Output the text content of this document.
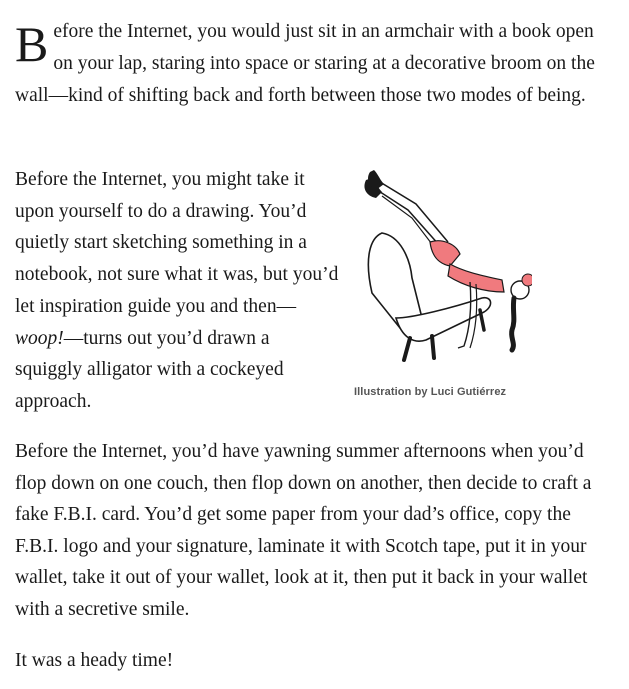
Before the Internet, you would just sit in an armchair with a book open on your lap, staring into space or staring at a decorative broom on the wall—kind of shifting back and forth between those two modes of being.

Before the Internet, you might take it upon yourself to do a drawing. You’d quietly start sketching something in a notebook, not sure what it was, but you’d let inspiration guide you and then—woop!—turns out you’d drawn a squiggly alligator with a cockeyed approach.	Illustration by Luci Gutiérrez

Before the Internet, you’d have yawning summer afternoons when you’d flop down on one couch, then flop down on another, then decide to craft a fake F.B.I. card. You’d get some paper from your dad’s office, copy the F.B.I. logo and your signature, laminate it with Scotch tape, put it in your wallet, take it out of your wallet, look at it, then put it back in your wallet with a secretive smile.

It was a heady time!
